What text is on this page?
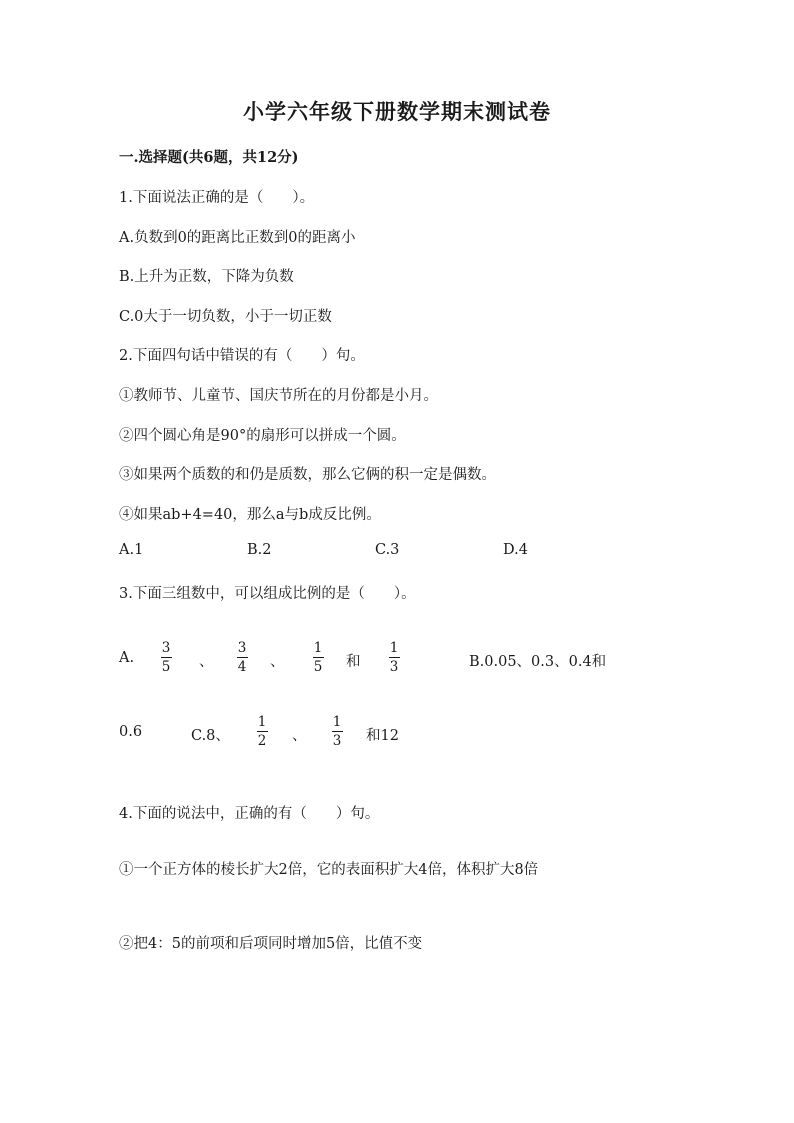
小学六年级下册数学期末测试卷
一.选择题(共6题，共12分)
1.下面说法正确的是（　　）。
A.负数到0的距离比正数到0的距离小
B.上升为正数，下降为负数
C.0大于一切负数，小于一切正数
2.下面四句话中错误的有（　　）句。
①教师节、儿童节、国庆节所在的月份都是小月。
②四个圆心角是90°的扇形可以拼成一个圆。
③如果两个质数的和仍是质数，那么它俩的积一定是偶数。
④如果ab+4=40，那么a与b成反比例。
A.1	B.2	C.3	D.4
3.下面三组数中，可以组成比例的是（　　）。
A.
3
5 、
3
4 、
1
5 和
1
3	B.0.05、0.3、0.4和
0.6	C.8、
1
2 、
1
3 和12
4.下面的说法中，正确的有（　　）句。
①一个正方体的棱长扩大2倍，它的表面积扩大4倍，体积扩大8倍
②把4：5的前项和后项同时增加5倍，比值不变
